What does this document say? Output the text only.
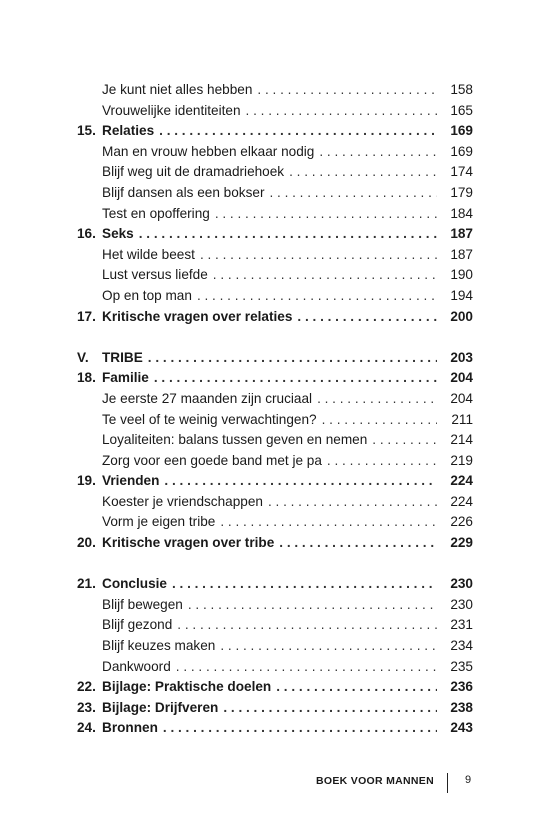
Je kunt niet alles hebben . . .	158
Vrouwelijke identiteiten . . .	165
15. Relaties . . .	169
Man en vrouw hebben elkaar nodig . . .	169
Blijf weg uit de dramadriehoek . . .	174
Blijf dansen als een bokser . . .	179
Test en opoffering . . .	184
16. Seks . . .	187
Het wilde beest . . .	187
Lust versus liefde . . .	190
Op en top man . . .	194
17. Kritische vragen over relaties . . .	200
V. TRIBE . . .	203
18. Familie . . .	204
Je eerste 27 maanden zijn cruciaal . . .	204
Te veel of te weinig verwachtingen? . . .	211
Loyaliteiten: balans tussen geven en nemen . . .	214
Zorg voor een goede band met je pa . . .	219
19. Vrienden . . .	224
Koester je vriendschappen . . .	224
Vorm je eigen tribe . . .	226
20. Kritische vragen over tribe . . .	229
21. Conclusie . . .	230
Blijf bewegen . . .	230
Blijf gezond . . .	231
Blijf keuzes maken . . .	234
Dankwoord . . .	235
22. Bijlage: Praktische doelen . . .	236
23. Bijlage: Drijfveren . . .	238
24. Bronnen . . .	243
BOEK VOOR MANNEN	9
